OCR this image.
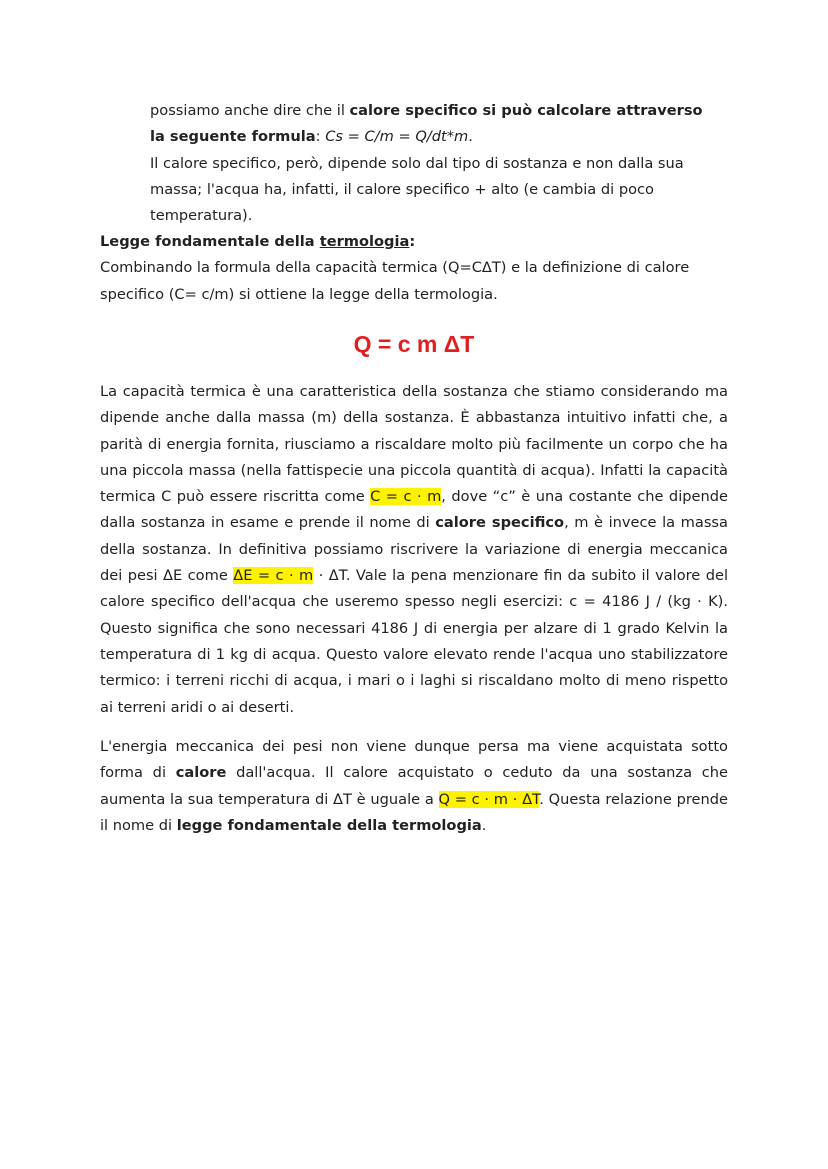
possiamo anche dire che il calore specifico si può calcolare attraverso la seguente formula: Cs = C/m = Q/dt*m.

Il calore specifico, però, dipende solo dal tipo di sostanza e non dalla sua massa; l'acqua ha, infatti, il calore specifico + alto (e cambia di poco temperatura).

Legge fondamentale della termologia:

Combinando la formula della capacità termica (Q=CΔT) e la definizione di calore specifico (C= c/m) si ottiene la legge della termologia.

Q = c m ΔT

La capacità termica è una caratteristica della sostanza che stiamo considerando ma dipende anche dalla massa (m) della sostanza. È abbastanza intuitivo infatti che, a parità di energia fornita, riusciamo a riscaldare molto più facilmente un corpo che ha una piccola massa (nella fattispecie una piccola quantità di acqua). Infatti la capacità termica C può essere riscritta come C = c · m, dove “c” è una costante che dipende dalla sostanza in esame e prende il nome di calore specifico, m è invece la massa della sostanza. In definitiva possiamo riscrivere la variazione di energia meccanica dei pesi ΔE come ΔE = c · m · ΔT. Vale la pena menzionare fin da subito il valore del calore specifico dell'acqua che useremo spesso negli esercizi: c = 4186 J / (kg · K). Questo significa che sono necessari 4186 J di energia per alzare di 1 grado Kelvin la temperatura di 1 kg di acqua. Questo valore elevato rende l'acqua uno stabilizzatore termico: i terreni ricchi di acqua, i mari o i laghi si riscaldano molto di meno rispetto ai terreni aridi o ai deserti.

L'energia meccanica dei pesi non viene dunque persa ma viene acquistata sotto forma di calore dall'acqua. Il calore acquistato o ceduto da una sostanza che aumenta la sua temperatura di ΔT è uguale a Q = c · m · ΔT. Questa relazione prende il nome di legge fondamentale della termologia.
